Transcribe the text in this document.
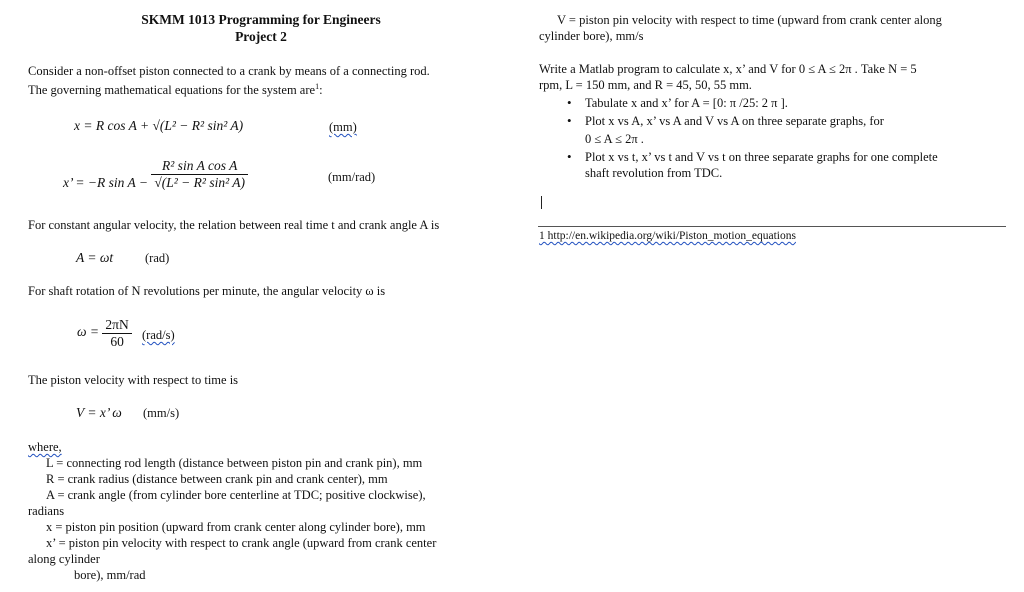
SKMM 1013 Programming for Engineers
Project 2
Consider a non-offset piston connected to a crank by means of a connecting rod.
The governing mathematical equations for the system are$^1$:
x = R cos A + √(L² − R² sin² A)	(mm)
x’ = −R $\sin A - \frac{\text{R² sin A cos A}}{\text{√(L² − R² sin² A)}}$	(mm/rad)
For constant angular velocity, the relation between real time t and crank angle A is
A = ωt	(rad)
For shaft rotation of N revolutions per minute, the angular velocity ω is
$\omega = \frac{2\pi N}{60} (rad/s)$
The piston velocity with respect to time is
V = x’ ω (mm/s)
where,
L = connecting rod length (distance between piston pin and crank pin), mm
R = crank radius (distance between crank pin and crank center), mm
A = crank angle (from cylinder bore centerline at TDC; positive clockwise),
radians
x = piston pin position (upward from crank center along cylinder bore), mm
x’ = piston pin velocity with respect to crank angle (upward from crank center
along cylinder
bore), mm/rad
V = piston pin velocity with respect to time (upward from crank center along
cylinder bore), mm/s
Write a Matlab program to calculate x, x’ and V for 0 ≤ A ≤ 2π . Take N = 5
rpm, L = 150 mm, and R = 45, 50, 55 mm.
• Tabulate x and x’ for A = [0: π /25: 2 π ].
• Plot x vs A, x’ vs A and V vs A on three separate graphs, for
0 ≤ A ≤ 2π .
• Plot x vs t, x’ vs t and V vs t on three separate graphs for one complete
shaft revolution from TDC.
1 http://en.wikipedia.org/wiki/Piston_motion_equations
